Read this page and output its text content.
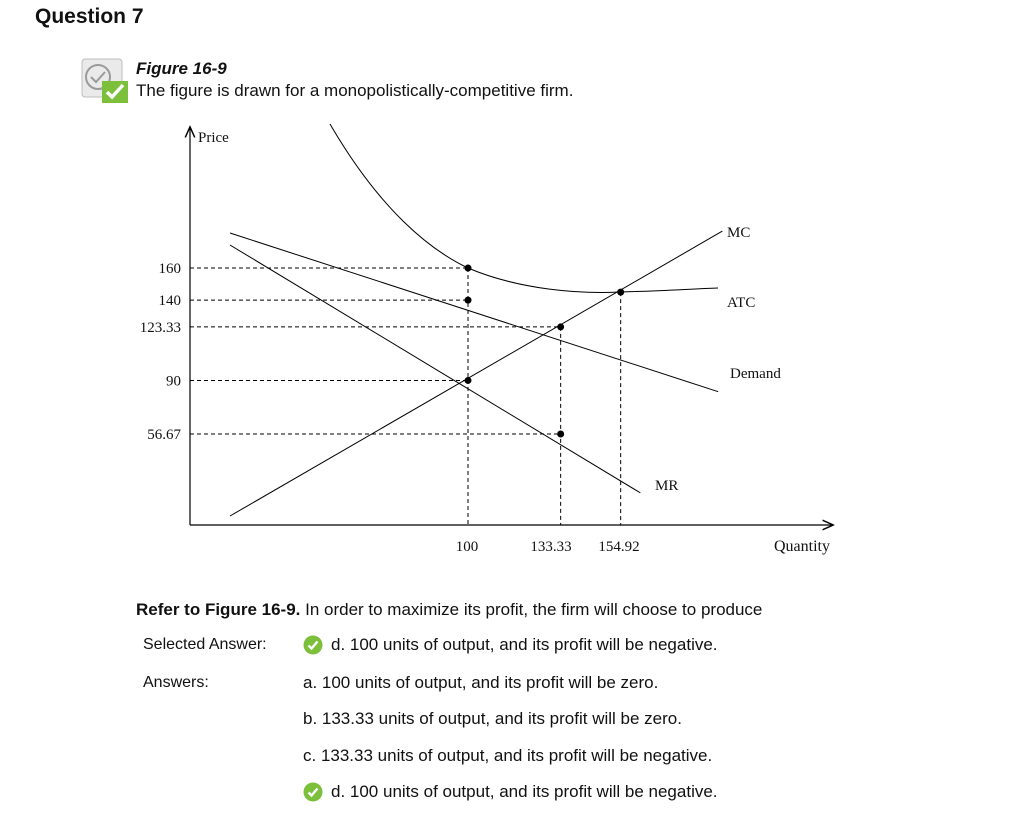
Question 7
Figure 16-9
The figure is drawn for a monopolistically-competitive firm.
Price
Quantity
160
140
123.33
90
56.67
100	133.33 154.92
MC
ATC
Demand
MR

Refer to Figure 16-9. In order to maximize its profit, the firm will choose to produce

Selected Answer:	d. 100 units of output, and its profit will be negative.
Answers:	a. 100 units of output, and its profit will be zero.
b. 133.33 units of output, and its profit will be zero.
c. 133.33 units of output, and its profit will be negative.
d. 100 units of output, and its profit will be negative.
